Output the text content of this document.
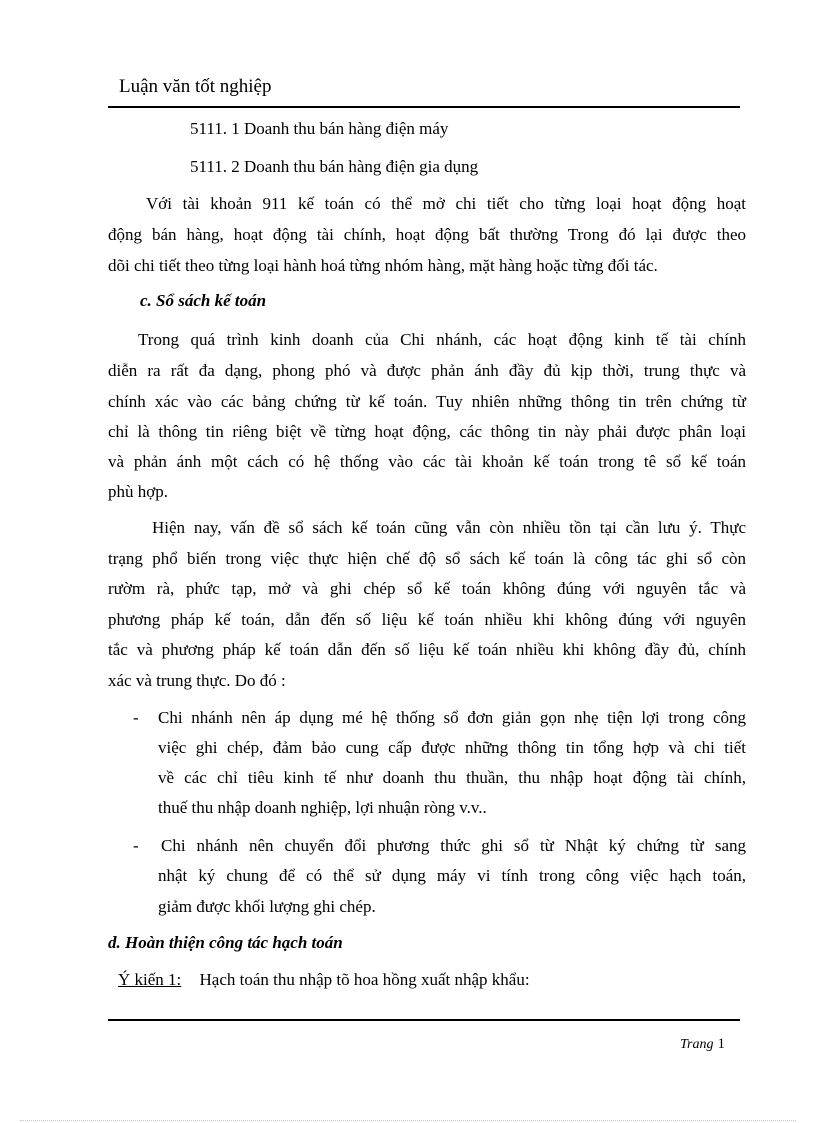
Luận văn tốt nghiệp
5111. 1 Doanh thu bán hàng điện máy
5111. 2 Doanh thu bán hàng điện gia dụng
Với tài khoản 911 kế toán có thể mở chi tiết cho từng loại hoạt động hoạt
động bán hàng, hoạt động tài chính, hoạt động bất thường Trong đó lại được theo
dõi chi tiết theo từng loại hành hoá từng nhóm hàng, mặt hàng hoặc từng đối tác.
c. Sổ sách kế toán
Trong quá trình kinh doanh của Chi nhánh, các hoạt động kinh tế tài chính
diễn ra rất đa dạng, phong phó và được phản ánh đầy đủ kịp thời, trung thực và
chính xác vào các bảng chứng từ kế toán. Tuy nhiên những thông tin trên chứng từ
chỉ là thông tin riêng biệt về từng hoạt động, các thông tin này phải được phân loại
và phản ánh một cách có hệ thống vào các tài khoản kế toán trong tê sổ kế toán
phù hợp.
Hiện nay, vấn đề sổ sách kế toán cũng vẫn còn nhiều tồn tại cần lưu ý. Thực
trạng phổ biến trong việc thực hiện chế độ sổ sách kế toán là công tác ghi sổ còn
rườm rà, phức tạp, mở và ghi chép sổ kế toán không đúng với nguyên tắc và
phương pháp kế toán, dẫn đến số liệu kế toán nhiều khi không đúng với nguyên
tắc và phương pháp kế toán dẫn đến số liệu kế toán nhiều khi không đầy đủ, chính
xác và trung thực. Do đó :
- Chi nhánh nên áp dụng mé hệ thống sổ đơn giản gọn nhẹ tiện lợi trong công
việc ghi chép, đảm bảo cung cấp được những thông tin tổng hợp và chi tiết
về các chỉ tiêu kinh tế như doanh thu thuần, thu nhập hoạt động tài chính,
thuế thu nhập doanh nghiệp, lợi nhuận ròng v.v..
- Chi nhánh nên chuyển đổi phương thức ghi sổ từ Nhật ký chứng từ sang
nhật ký chung để có thể sử dụng máy vi tính trong công việc hạch toán,
giảm được khối lượng ghi chép.
d. Hoàn thiện công tác hạch toán
Ý kiến 1: Hạch toán thu nhập tõ hoa hồng xuất nhập khẩu:
Trang 1
